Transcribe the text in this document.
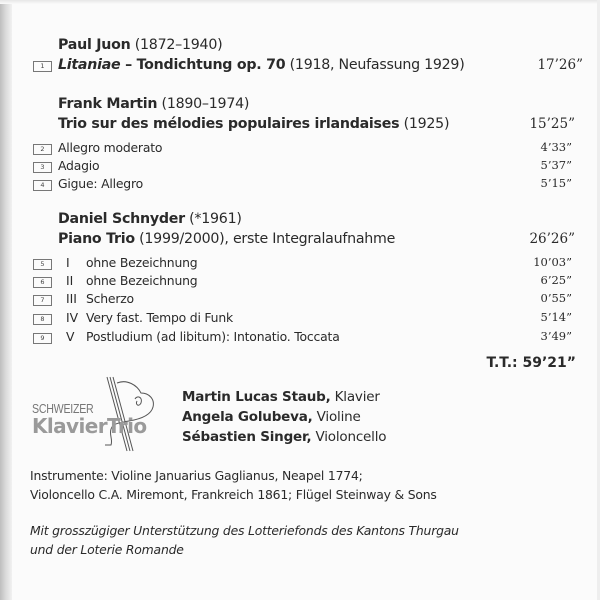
Paul Juon (1872–1940)
1 Litaniae – Tondichtung op. 70 (1918, Neufassung 1929)	17’26”
Frank Martin (1890–1974)
Trio sur des mélodies populaires irlandaises (1925)	15’25”
2	Allegro moderato	4’33”
3	Adagio	5’37”
4	Gigue: Allegro	5’15”
Daniel Schnyder (*1961)
Piano Trio (1999/2000), erste Integralaufnahme	26’26”
5	I ohne Bezeichnung	10’03”
6	II ohne Bezeichnung	6’25”
7	III Scherzo	0’55”
8	IV Very fast. Tempo di Funk	5’14”
9	V Postludium (ad libitum): Intonatio. Toccata	3’49”
T.T.: 59’21”
SCHWEIZER
KlavierTrio
Martin Lucas Staub, Klavier
Angela Golubeva, Violine
Sébastien Singer, Violoncello
Instrumente: Violine Januarius Gaglianus, Neapel 1774;
Violoncello C.A. Miremont, Frankreich 1861; Flügel Steinway & Sons
Mit grosszügiger Unterstützung des Lotteriefonds des Kantons Thurgau
und der Loterie Romande
